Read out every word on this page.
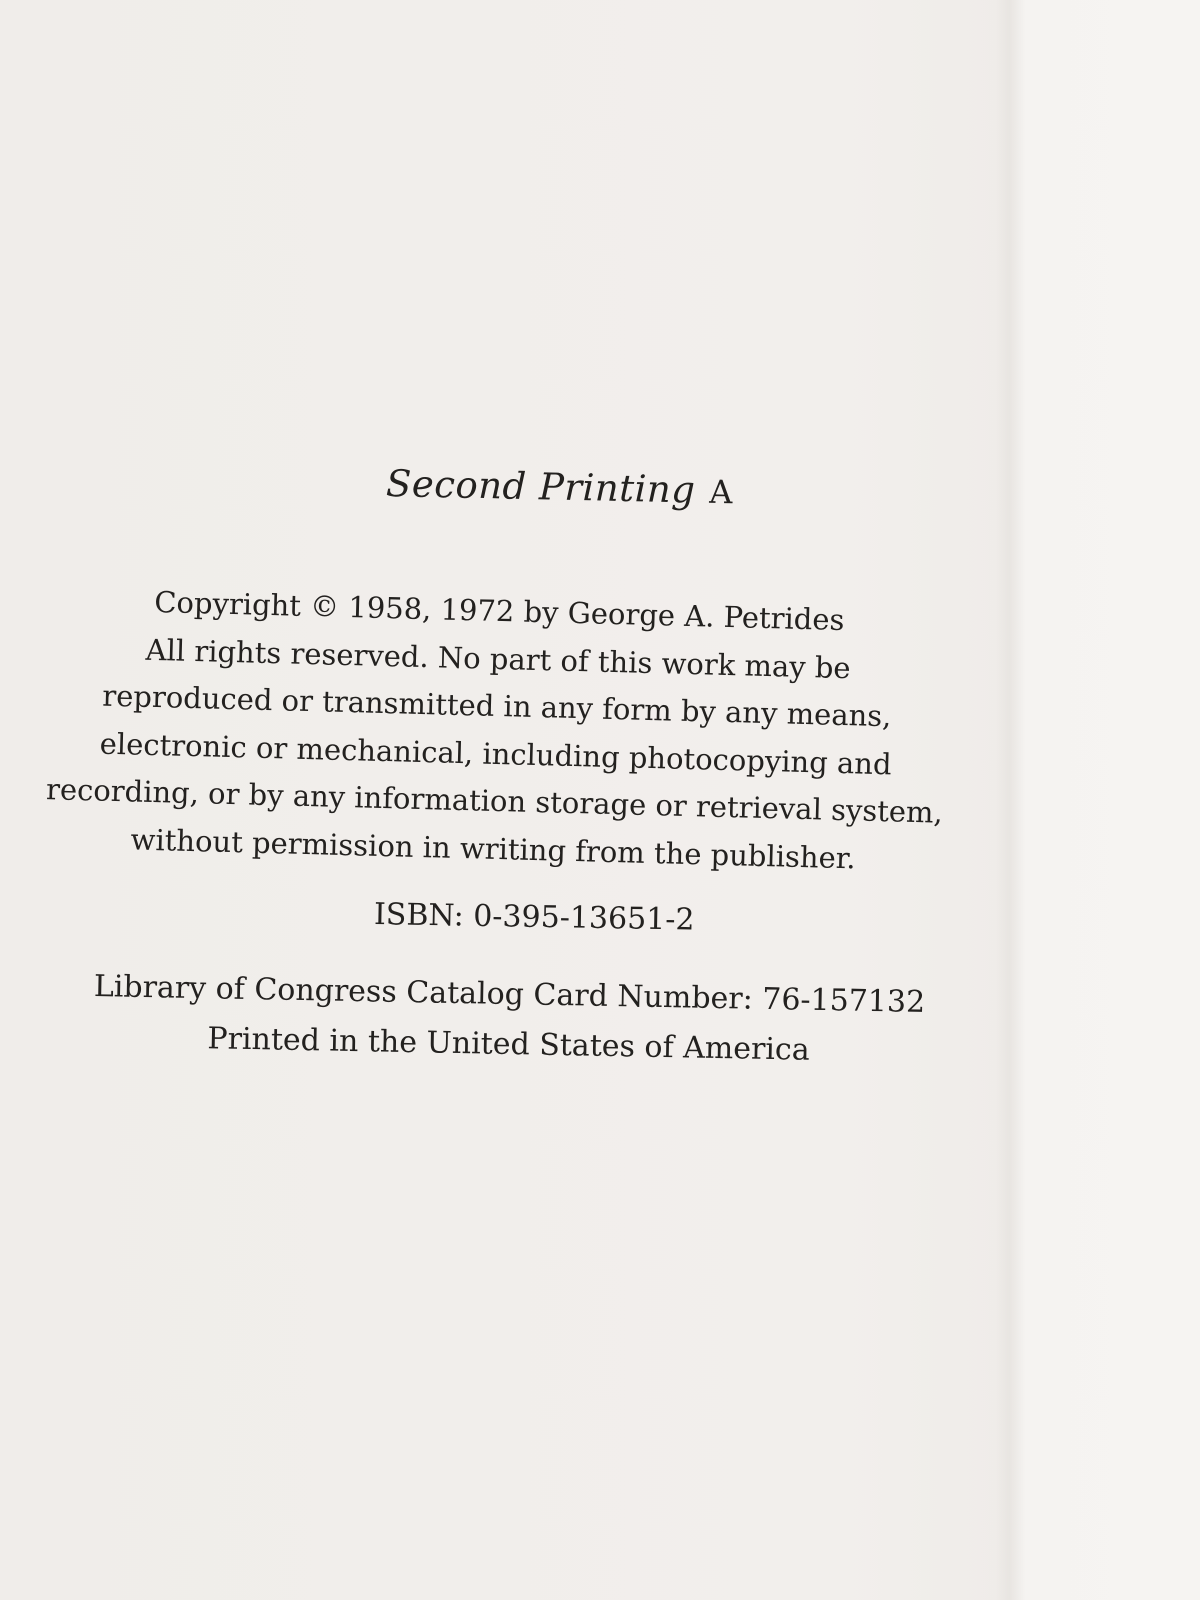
Second Printing A
Copyright © 1958, 1972 by George A. Petrides
All rights reserved. No part of this work may be
reproduced or transmitted in any form by any means,
electronic or mechanical, including photocopying and
recording, or by any information storage or retrieval system,
without permission in writing from the publisher.
ISBN: 0-395-13651-2
Library of Congress Catalog Card Number: 76-157132
Printed in the United States of America
